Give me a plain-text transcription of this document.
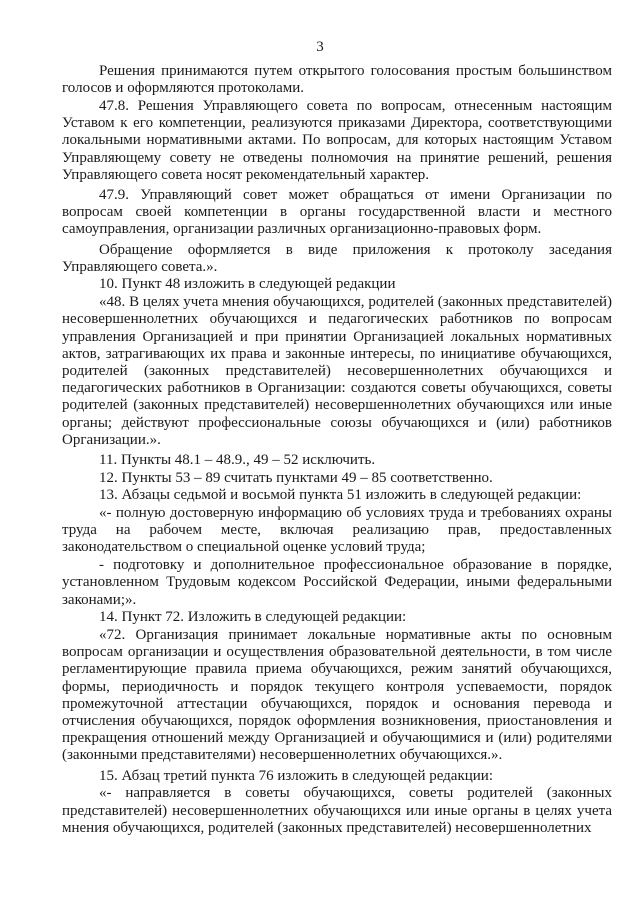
3

Решения принимаются путем открытого голосования простым большинством голосов и оформляются протоколами.

47.8. Решения Управляющего совета по вопросам, отнесенным настоящим Уставом к его компетенции, реализуются приказами Директора, соответствующими локальными нормативными актами. По вопросам, для которых настоящим Уставом Управляющему совету не отведены полномочия на принятие решений, решения Управляющего совета носят рекомендательный характер.

47.9. Управляющий совет может обращаться от имени Организации по вопросам своей компетенции в органы государственной власти и местного самоуправления, организации различных организационно-правовых форм.

Обращение оформляется в виде приложения к протоколу заседания Управляющего совета.».

10. Пункт 48 изложить в следующей редакции

«48. В целях учета мнения обучающихся, родителей (законных представителей) несовершеннолетних обучающихся и педагогических работников по вопросам управления Организацией и при принятии Организацией локальных нормативных актов, затрагивающих их права и законные интересы, по инициативе обучающихся, родителей (законных представителей) несовершеннолетних обучающихся и педагогических работников в Организации: создаются советы обучающихся, советы родителей (законных представителей) несовершеннолетних обучающихся или иные органы; действуют профессиональные союзы обучающихся и (или) работников Организации.».

11. Пункты 48.1 – 48.9., 49 – 52 исключить.

12. Пункты 53 – 89 считать пунктами 49 – 85 соответственно.

13. Абзацы седьмой и восьмой пункта 51 изложить в следующей редакции:

«- полную достоверную информацию об условиях труда и требованиях охраны труда на рабочем месте, включая реализацию прав, предоставленных законодательством о специальной оценке условий труда;

- подготовку и дополнительное профессиональное образование в порядке, установленном Трудовым кодексом Российской Федерации, иными федеральными законами;».

14. Пункт 72. Изложить в следующей редакции:

«72. Организация принимает локальные нормативные акты по основным вопросам организации и осуществления образовательной деятельности, в том числе регламентирующие правила приема обучающихся, режим занятий обучающихся, формы, периодичность и порядок текущего контроля успеваемости, порядок промежуточной аттестации обучающихся, порядок и основания перевода и отчисления обучающихся, порядок оформления возникновения, приостановления и прекращения отношений между Организацией и обучающимися и (или) родителями (законными представителями) несовершеннолетних обучающихся.».

15. Абзац третий пункта 76 изложить в следующей редакции:

«- направляется в советы обучающихся, советы родителей (законных представителей) несовершеннолетних обучающихся или иные органы в целях учета мнения обучающихся, родителей (законных представителей) несовершеннолетних
